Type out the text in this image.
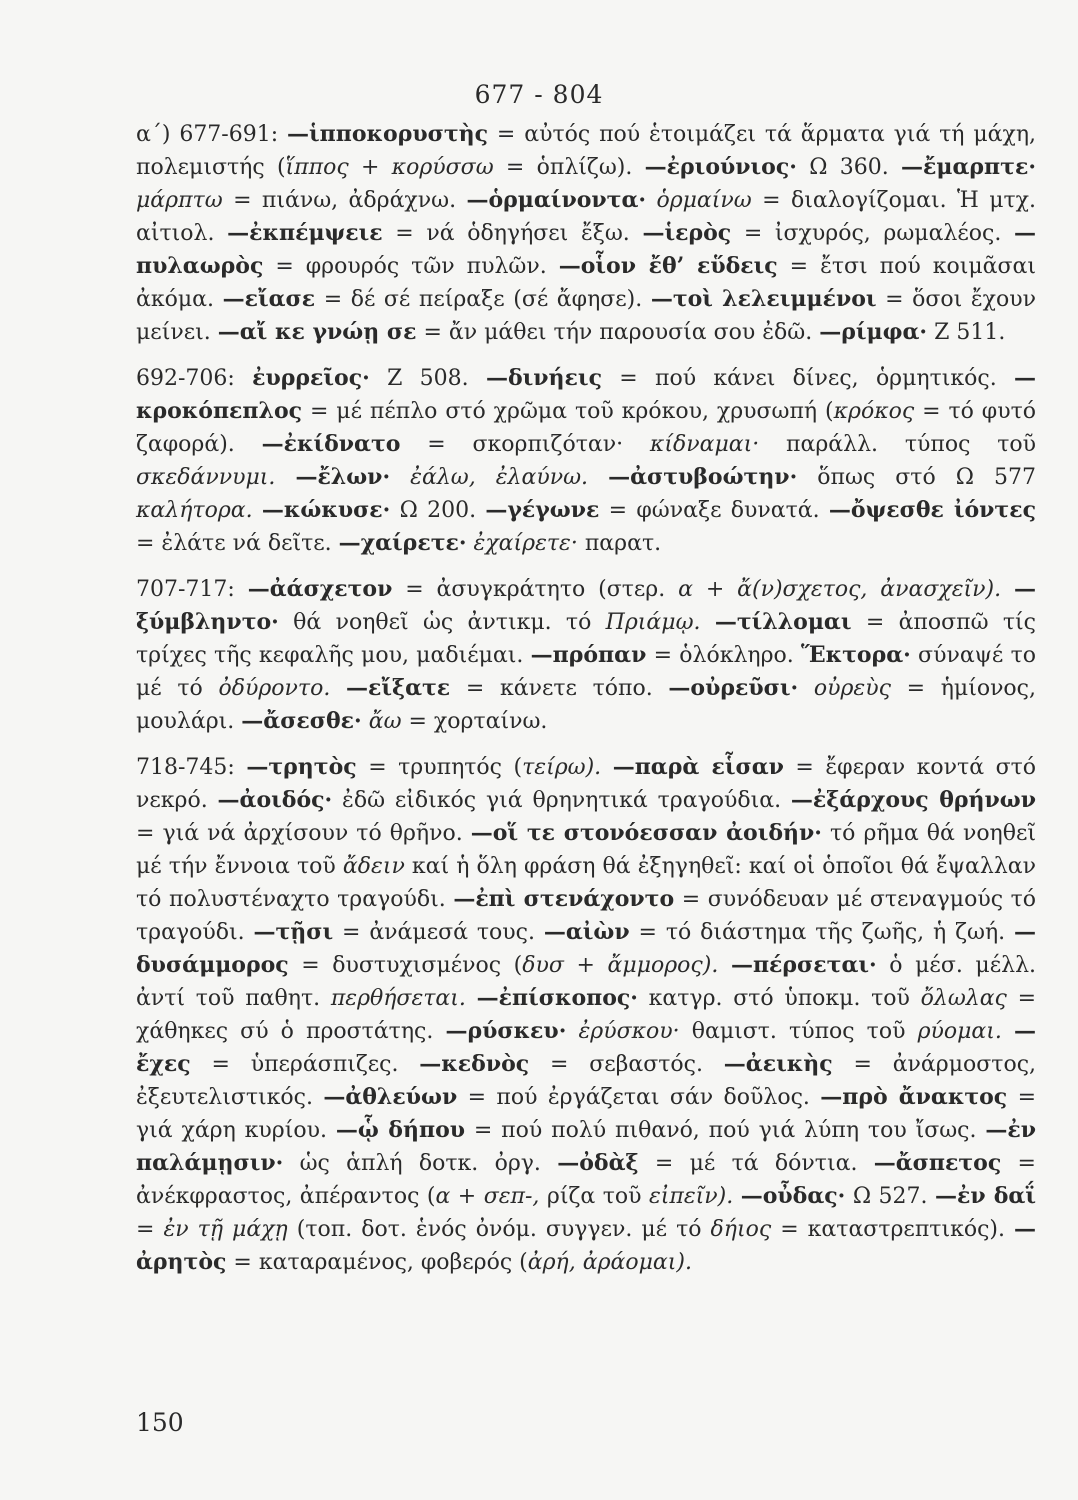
677 - 804

α΄) 677-691: —ἱπποκορυστὴς = αὐτός πού ἑτοιμάζει τά ἅρματα γιά τή μάχη, πολεμιστής (ἵππος + κορύσσω = ὁπλίζω). —ἐριούνιος· Ω 360. —ἔμαρπτε· μάρπτω = πιάνω, ἀδράχνω. —ὁρμαίνοντα· ὁρμαίνω = διαλογίζομαι. Ἡ μτχ. αἰτιολ. —ἐκπέμψειε = νά ὁδηγήσει ἔξω. —ἱερὸς = ἰσχυρός, ρωμαλέος. —πυλαωρὸς = φρουρός τῶν πυλῶν. —οἷον ἔθ’ εὕδεις = ἔτσι πού κοιμᾶσαι ἀκόμα. —εἴασε = δέ σέ πείραξε (σέ ἄφησε). —τοὶ λελειμμένοι = ὅσοι ἔχουν μείνει. —αἴ κε γνώῃ σε = ἄν μάθει τήν παρουσία σου ἐδῶ. —ρίμφα· Ζ 511.

692-706: ἐυρρεῖος· Ζ 508. —δινήεις = πού κάνει δίνες, ὁρμητικός. —κροκόπεπλος = μέ πέπλο στό χρῶμα τοῦ κρόκου, χρυσωπή (κρόκος = τό φυτό ζαφορά). —ἐκίδνατο = σκορπιζόταν· κίδναμαι· παράλλ. τύπος τοῦ σκεδάννυμι. —ἔλων· ἐάλω, ἐλαύνω. —ἀστυβοώτην· ὅπως στό Ω 577 καλήτορα. —κώκυσε· Ω 200. —γέγωνε = φώναξε δυνατά. —ὄψεσθε ἰόντες = ἐλάτε νά δεῖτε. —χαίρετε· ἐχαίρετε· παρατ.

707-717: —ἀάσχετον = ἀσυγκράτητο (στερ. α + ἄ(ν)σχετος, ἀνασχεῖν). —ξύμβληντο· θά νοηθεῖ ὡς ἀντικμ. τό Πριάμῳ. —τίλλομαι = ἀποσπῶ τίς τρίχες τῆς κεφαλῆς μου, μαδιέμαι. —πρόπαν = ὁλόκληρο. Ἕκτορα· σύναψέ το μέ τό ὀδύροντο. —εἴξατε = κάνετε τόπο. —οὐρεῦσι· οὐρεὺς = ἡμίονος, μουλάρι. —ἄσεσθε· ἄω = χορταίνω.

718-745: —τρητὸς = τρυπητός (τείρω). —παρὰ εἷσαν = ἔφεραν κοντά στό νεκρό. —ἀοιδός· ἐδῶ εἰδικός γιά θρηνητικά τραγούδια. —ἐξάρχους θρήνων = γιά νά ἀρχίσουν τό θρῆνο. —οἵ τε στονόεσσαν ἀοιδήν· τό ρῆμα θά νοηθεῖ μέ τήν ἔννοια τοῦ ἄδειν καί ἡ ὅλη φράση θά ἐξηγηθεῖ: καί οἱ ὁποῖοι θά ἔψαλλαν τό πολυστέναχτο τραγούδι. —ἐπὶ στενάχοντο = συνόδευαν μέ στεναγμούς τό τραγούδι. —τῇσι = ἀνάμεσά τους. —αἰὼν = τό διάστημα τῆς ζωῆς, ἡ ζωή. —δυσάμμορος = δυστυχισμένος (δυσ + ἄμμορος). —πέρσεται· ὁ μέσ. μέλλ. ἀντί τοῦ παθητ. περθήσεται. —ἐπίσκοπος· κατγρ. στό ὑποκμ. τοῦ ὄλωλας = χάθηκες σύ ὁ προστάτης. —ρύσκευ· ἐρύσκου· θαμιστ. τύπος τοῦ ρύομαι. —ἔχες = ὑπεράσπιζες. —κεδνὸς = σεβαστός. —ἀεικὴς = ἀνάρμοστος, ἐξευτελιστικός. —ἀθλεύων = πού ἐργάζεται σάν δοῦλος. —πρὸ ἄνακτος = γιά χάρη κυρίου. —ᾧ δήπου = πού πολύ πιθανό, πού γιά λύπη του ἴσως. —ἐν παλάμῃσιν· ὡς ἁπλή δοτκ. ὀργ. —ὀδὰξ = μέ τά δόντια. —ἄσπετος = ἀνέκφραστος, ἀπέραντος (α + σεπ-, ρίζα τοῦ εἰπεῖν). —οὖδας· Ω 527. —ἐν δαΐ = ἐν τῇ μάχῃ (τοπ. δοτ. ἑνός ὀνόμ. συγγεν. μέ τό δήιος = καταστρεπτικός). —ἀρητὸς = καταραμένος, φοβερός (ἀρή, ἀράομαι).

150
